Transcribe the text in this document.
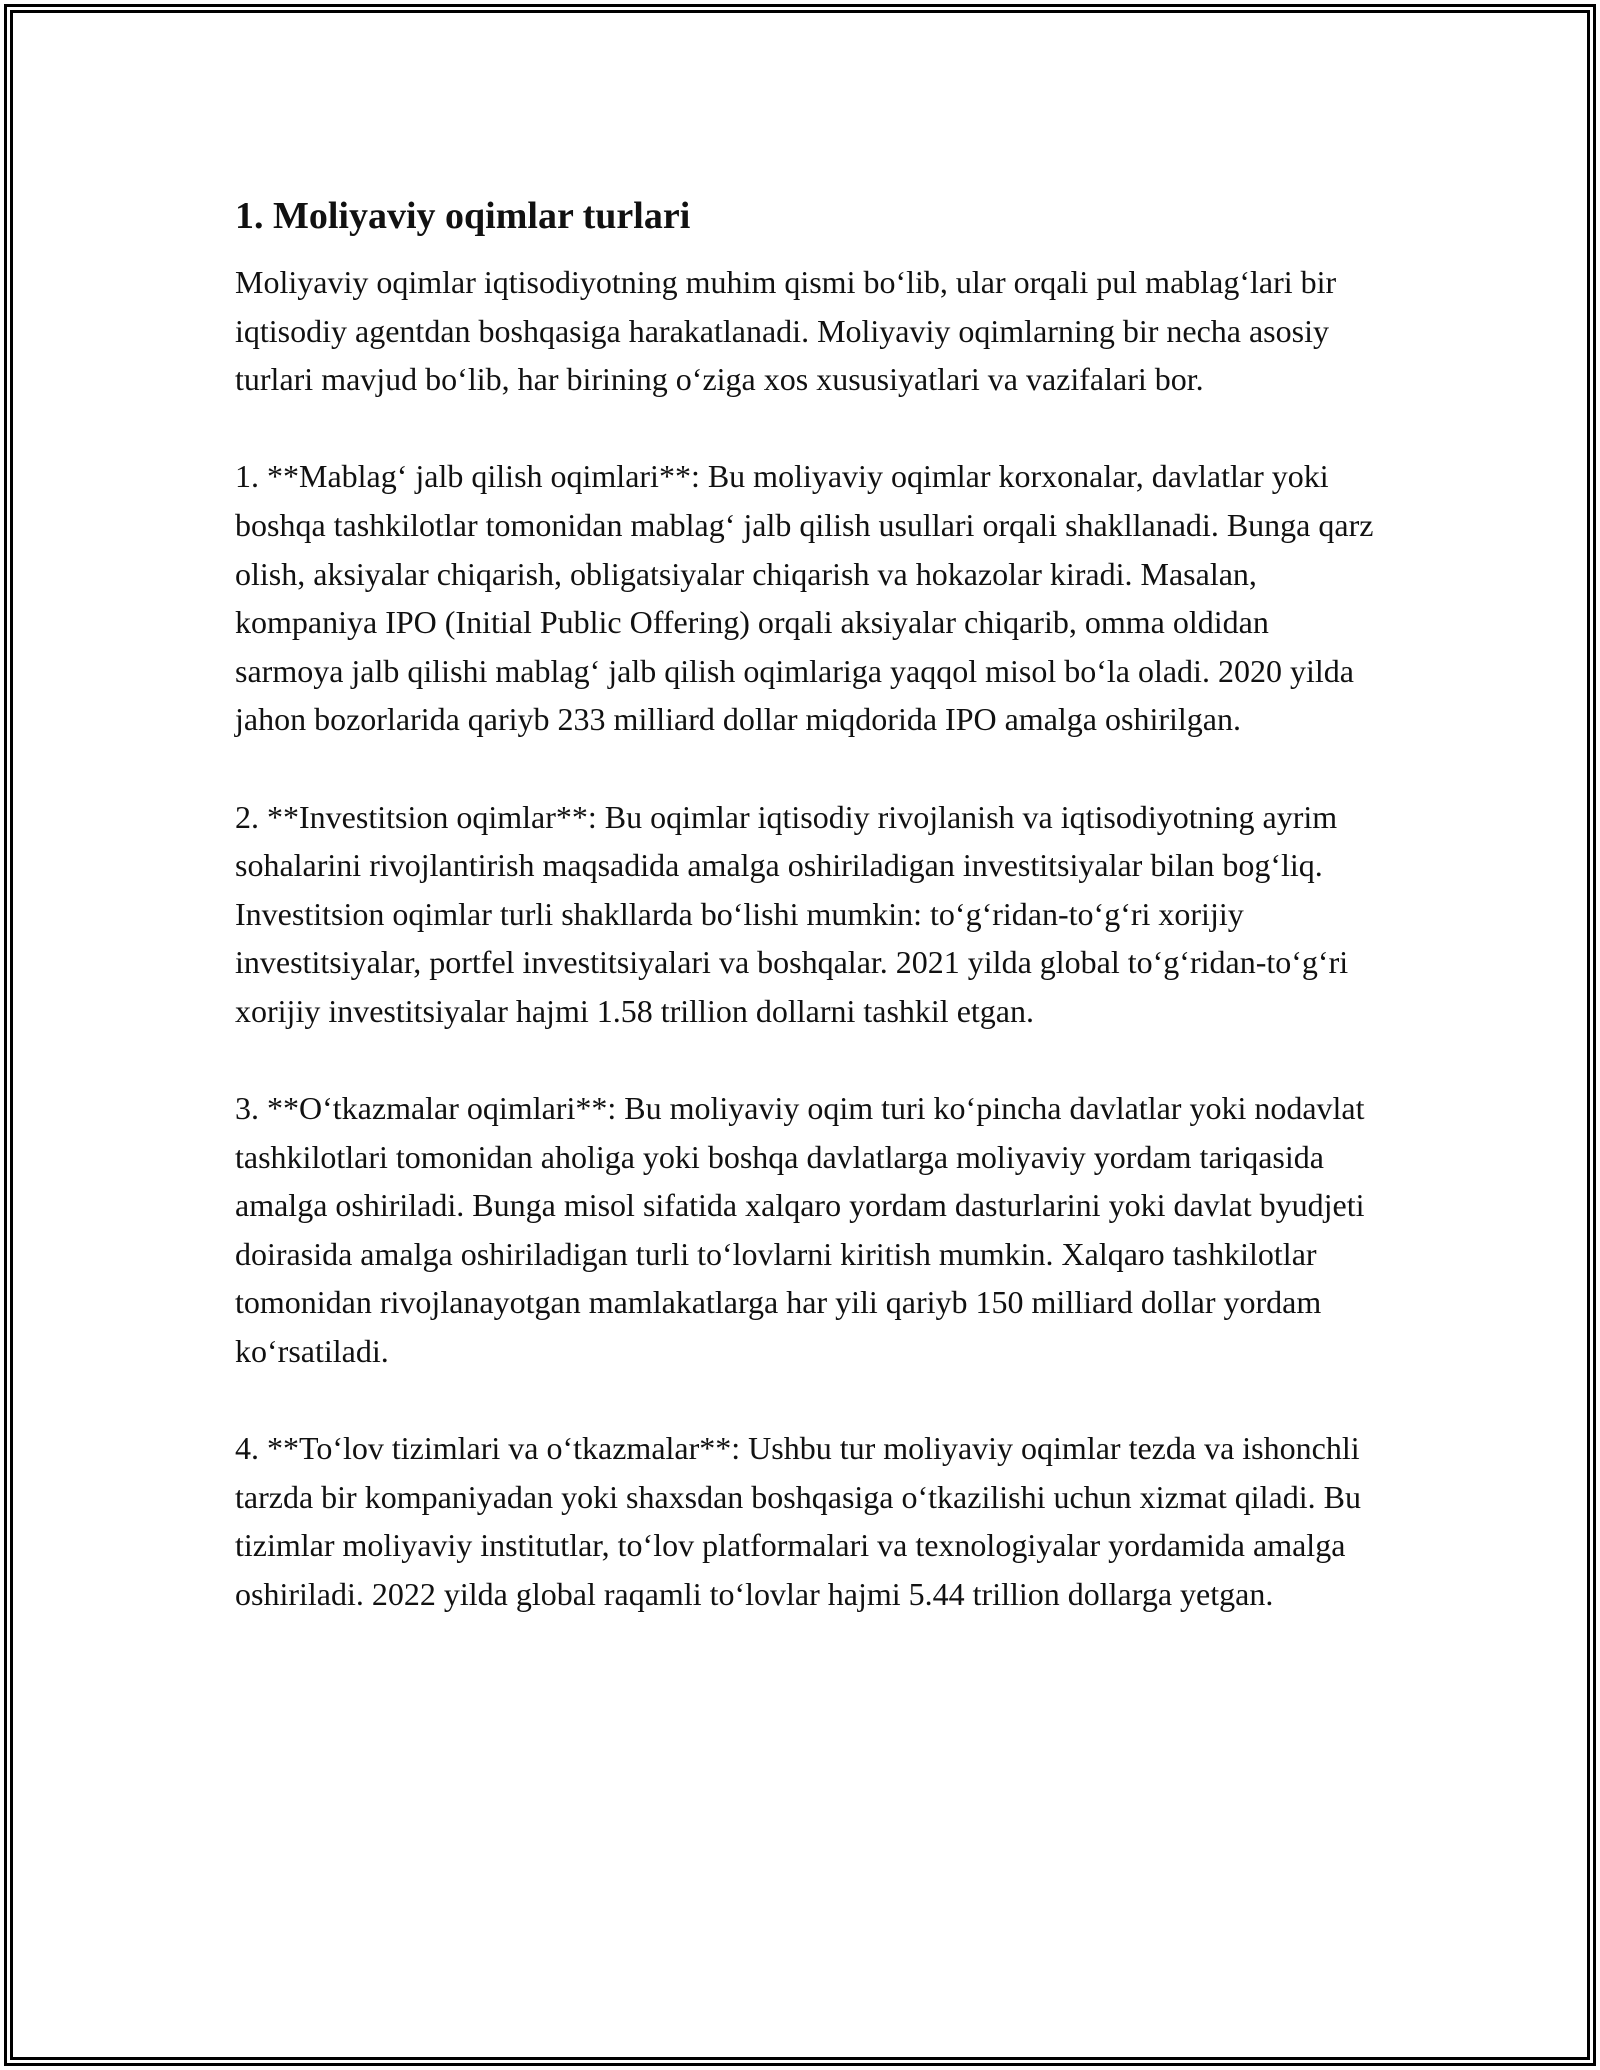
1. Moliyaviy oqimlar turlari

Moliyaviy oqimlar iqtisodiyotning muhim qismi bo‘lib, ular orqali pul mablag‘lari bir iqtisodiy agentdan boshqasiga harakatlanadi. Moliyaviy oqimlarning bir necha asosiy turlari mavjud bo‘lib, har birining o‘ziga xos xususiyatlari va vazifalari bor.

1. **Mablag‘ jalb qilish oqimlari**: Bu moliyaviy oqimlar korxonalar, davlatlar yoki boshqa tashkilotlar tomonidan mablag‘ jalb qilish usullari orqali shakllanadi. Bunga qarz olish, aksiyalar chiqarish, obligatsiyalar chiqarish va hokazolar kiradi. Masalan, kompaniya IPO (Initial Public Offering) orqali aksiyalar chiqarib, omma oldidan sarmoya jalb qilishi mablag‘ jalb qilish oqimlariga yaqqol misol bo‘la oladi. 2020 yilda jahon bozorlarida qariyb 233 milliard dollar miqdorida IPO amalga oshirilgan.

2. **Investitsion oqimlar**: Bu oqimlar iqtisodiy rivojlanish va iqtisodiyotning ayrim sohalarini rivojlantirish maqsadida amalga oshiriladigan investitsiyalar bilan bog‘liq. Investitsion oqimlar turli shakllarda bo‘lishi mumkin: to‘g‘ridan-to‘g‘ri xorijiy investitsiyalar, portfel investitsiyalari va boshqalar. 2021 yilda global to‘g‘ridan-to‘g‘ri xorijiy investitsiyalar hajmi 1.58 trillion dollarni tashkil etgan.

3. **O‘tkazmalar oqimlari**: Bu moliyaviy oqim turi ko‘pincha davlatlar yoki nodavlat tashkilotlari tomonidan aholiga yoki boshqa davlatlarga moliyaviy yordam tariqasida amalga oshiriladi. Bunga misol sifatida xalqaro yordam dasturlarini yoki davlat byudjeti doirasida amalga oshiriladigan turli to‘lovlarni kiritish mumkin. Xalqaro tashkilotlar tomonidan rivojlanayotgan mamlakatlarga har yili qariyb 150 milliard dollar yordam ko‘rsatiladi.

4. **To‘lov tizimlari va o‘tkazmalar**: Ushbu tur moliyaviy oqimlar tezda va ishonchli tarzda bir kompaniyadan yoki shaxsdan boshqasiga o‘tkazilishi uchun xizmat qiladi. Bu tizimlar moliyaviy institutlar, to‘lov platformalari va texnologiyalar yordamida amalga oshiriladi. 2022 yilda global raqamli to‘lovlar hajmi 5.44 trillion dollarga yetgan.
